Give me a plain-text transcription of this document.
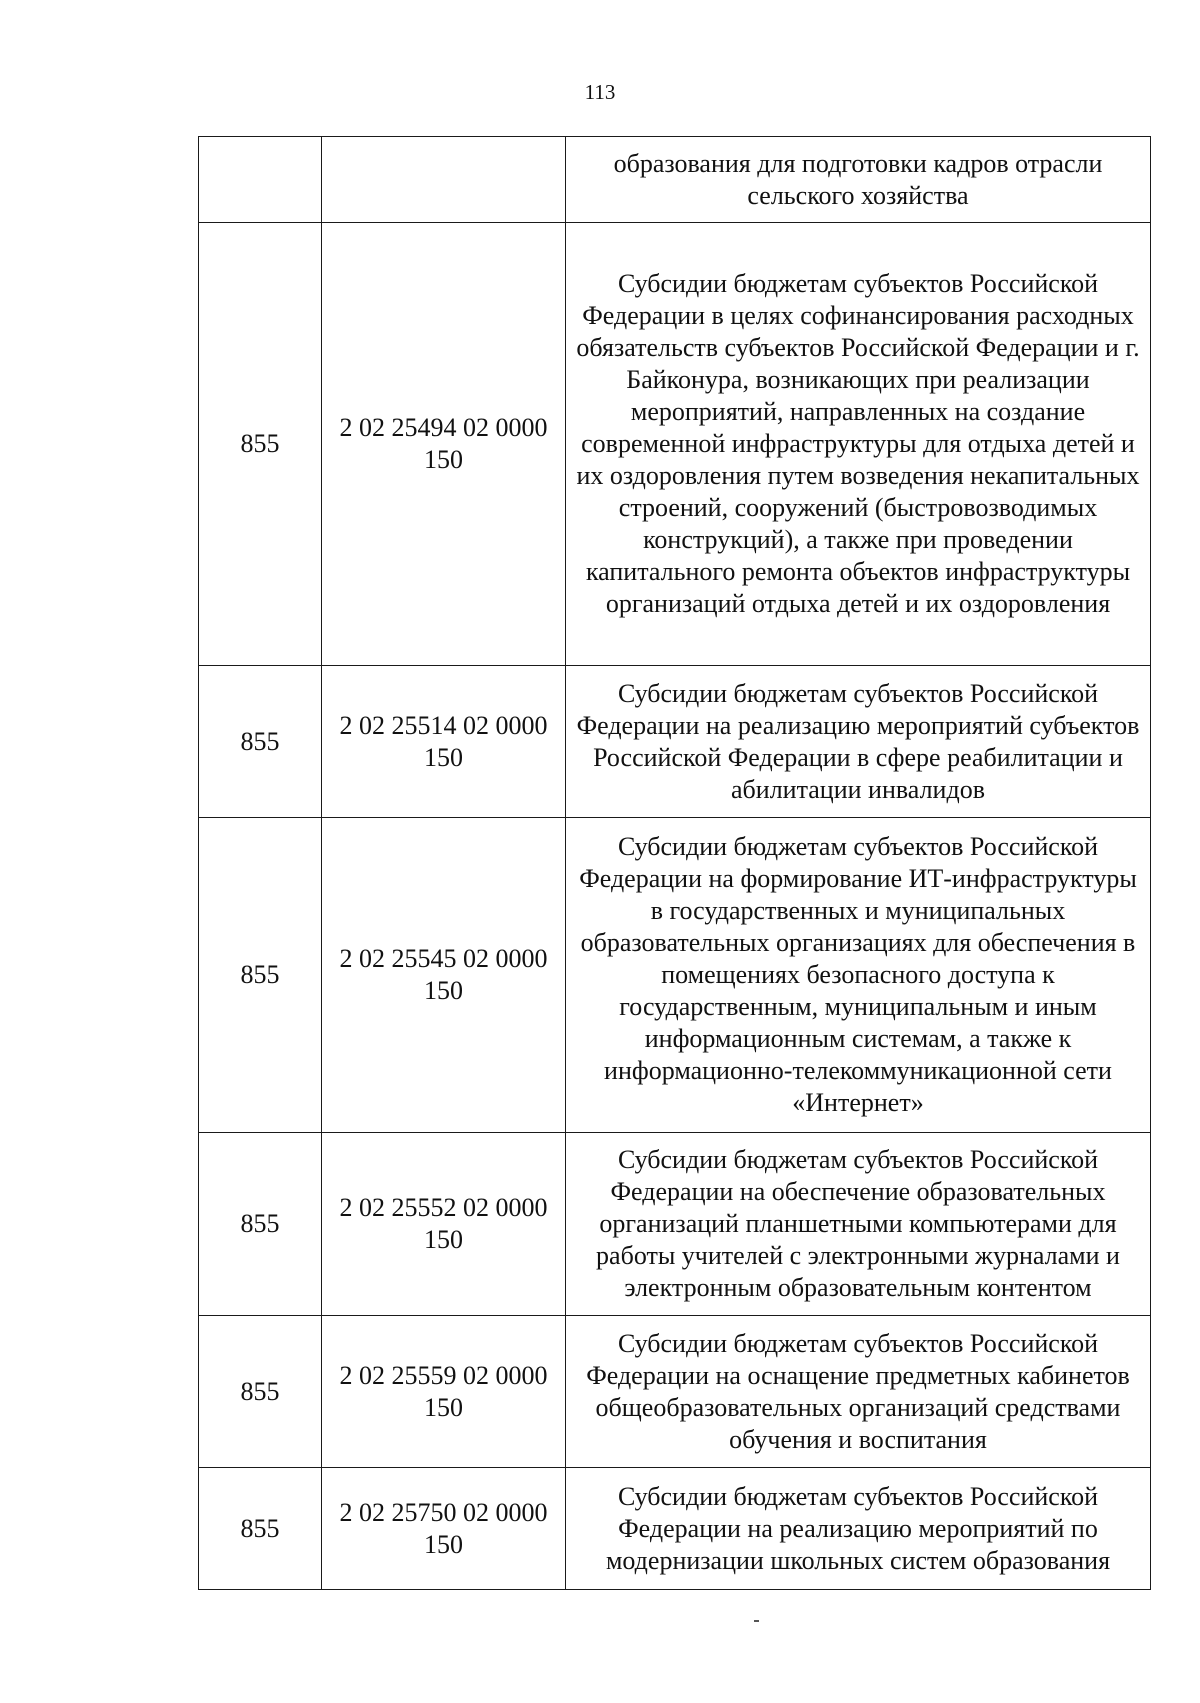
113
		образования для подготовки кадров отрасли сельского хозяйства
855	2 02 25494 02 0000 150	Субсидии бюджетам субъектов Российской Федерации в целях софинансирования расходных обязательств субъектов Российской Федерации и г. Байконура, возникающих при реализации мероприятий, направленных на создание современной инфраструктуры для отдыха детей и их оздоровления путем возведения некапитальных строений, сооружений (быстровозводимых конструкций), а также при проведении капитального ремонта объектов инфраструктуры организаций отдыха детей и их оздоровления
855	2 02 25514 02 0000 150	Субсидии бюджетам субъектов Российской Федерации на реализацию мероприятий субъектов Российской Федерации в сфере реабилитации и абилитации инвалидов
855	2 02 25545 02 0000 150	Субсидии бюджетам субъектов Российской Федерации на формирование ИТ-инфраструктуры в государственных и муниципальных образовательных организациях для обеспечения в помещениях безопасного доступа к государственным, муниципальным и иным информационным системам, а также к информационно-телекоммуникационной сети «Интернет»
855	2 02 25552 02 0000 150	Субсидии бюджетам субъектов Российской Федерации на обеспечение образовательных организаций планшетными компьютерами для работы учителей с электронными журналами и электронным образовательным контентом
855	2 02 25559 02 0000 150	Субсидии бюджетам субъектов Российской Федерации на оснащение предметных кабинетов общеобразовательных организаций средствами обучения и воспитания
855	2 02 25750 02 0000 150	Субсидии бюджетам субъектов Российской Федерации на реализацию мероприятий по модернизации школьных систем образования
